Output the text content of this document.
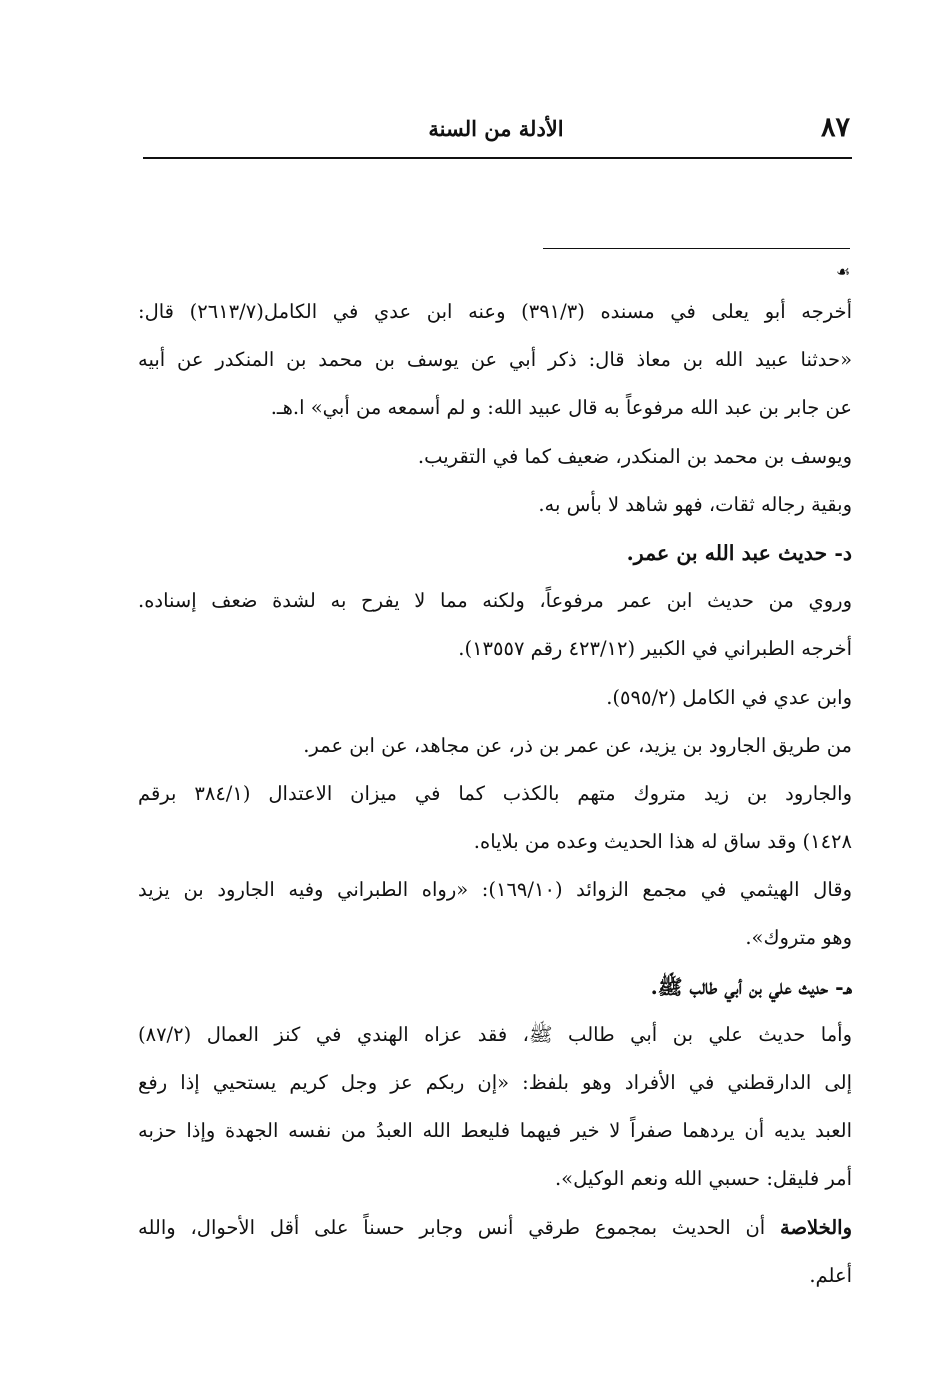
٨٧
الأدلة من السنة
☙
أخرجه أبو يعلى في مسنده (٣٩١/٣) وعنه ابن عدي في الكامل(٢٦١٣/٧) قال:
«حدثنا عبيد الله بن معاذ قال: ذكر أبي عن يوسف بن محمد بن المنكدر عن أبيه
عن جابر بن عبد الله مرفوعاً به قال عبيد الله: و لم أسمعه من أبي» ا.هـ.
ويوسف بن محمد بن المنكدر، ضعيف كما في التقريب.
وبقية رجاله ثقات، فهو شاهد لا بأس به.
د- حديث عبد الله بن عمر.
وروي من حديث ابن عمر مرفوعاً، ولكنه مما لا يفرح به لشدة ضعف إسناده.
أخرجه الطبراني في الكبير (٤٢٣/١٢ رقم ١٣٥٥٧).
وابن عدي في الكامل (٥٩٥/٢).
من طريق الجارود بن يزيد، عن عمر بن ذر، عن مجاهد، عن ابن عمر.
والجارود بن زيد متروك متهم بالكذب كما في ميزان الاعتدال (٣٨٤/١ برقم
١٤٢٨) وقد ساق له هذا الحديث وعده من بلاياه.
وقال الهيثمي في مجمع الزوائد (١٦٩/١٠): «رواه الطبراني وفيه الجارود بن يزيد
وهو متروك».
هـ- حديث علي بن أبي طالب ﷺ.
وأما حديث علي بن أبي طالب ﷺ، فقد عزاه الهندي في كنز العمال (٨٧/٢)
إلى الدارقطني في الأفراد وهو بلفظ: «إن ربكم عز وجل كريم يستحيي إذا رفع
العبد يديه أن يردهما صفراً لا خير فيهما فليعط الله العبدُ من نفسه الجهدة وإذا حزبه
أمر فليقل: حسبي الله ونعم الوكيل».
والخلاصة أن الحديث بمجموع طرقي أنس وجابر حسناً على أقل الأحوال، والله
أعلم.
